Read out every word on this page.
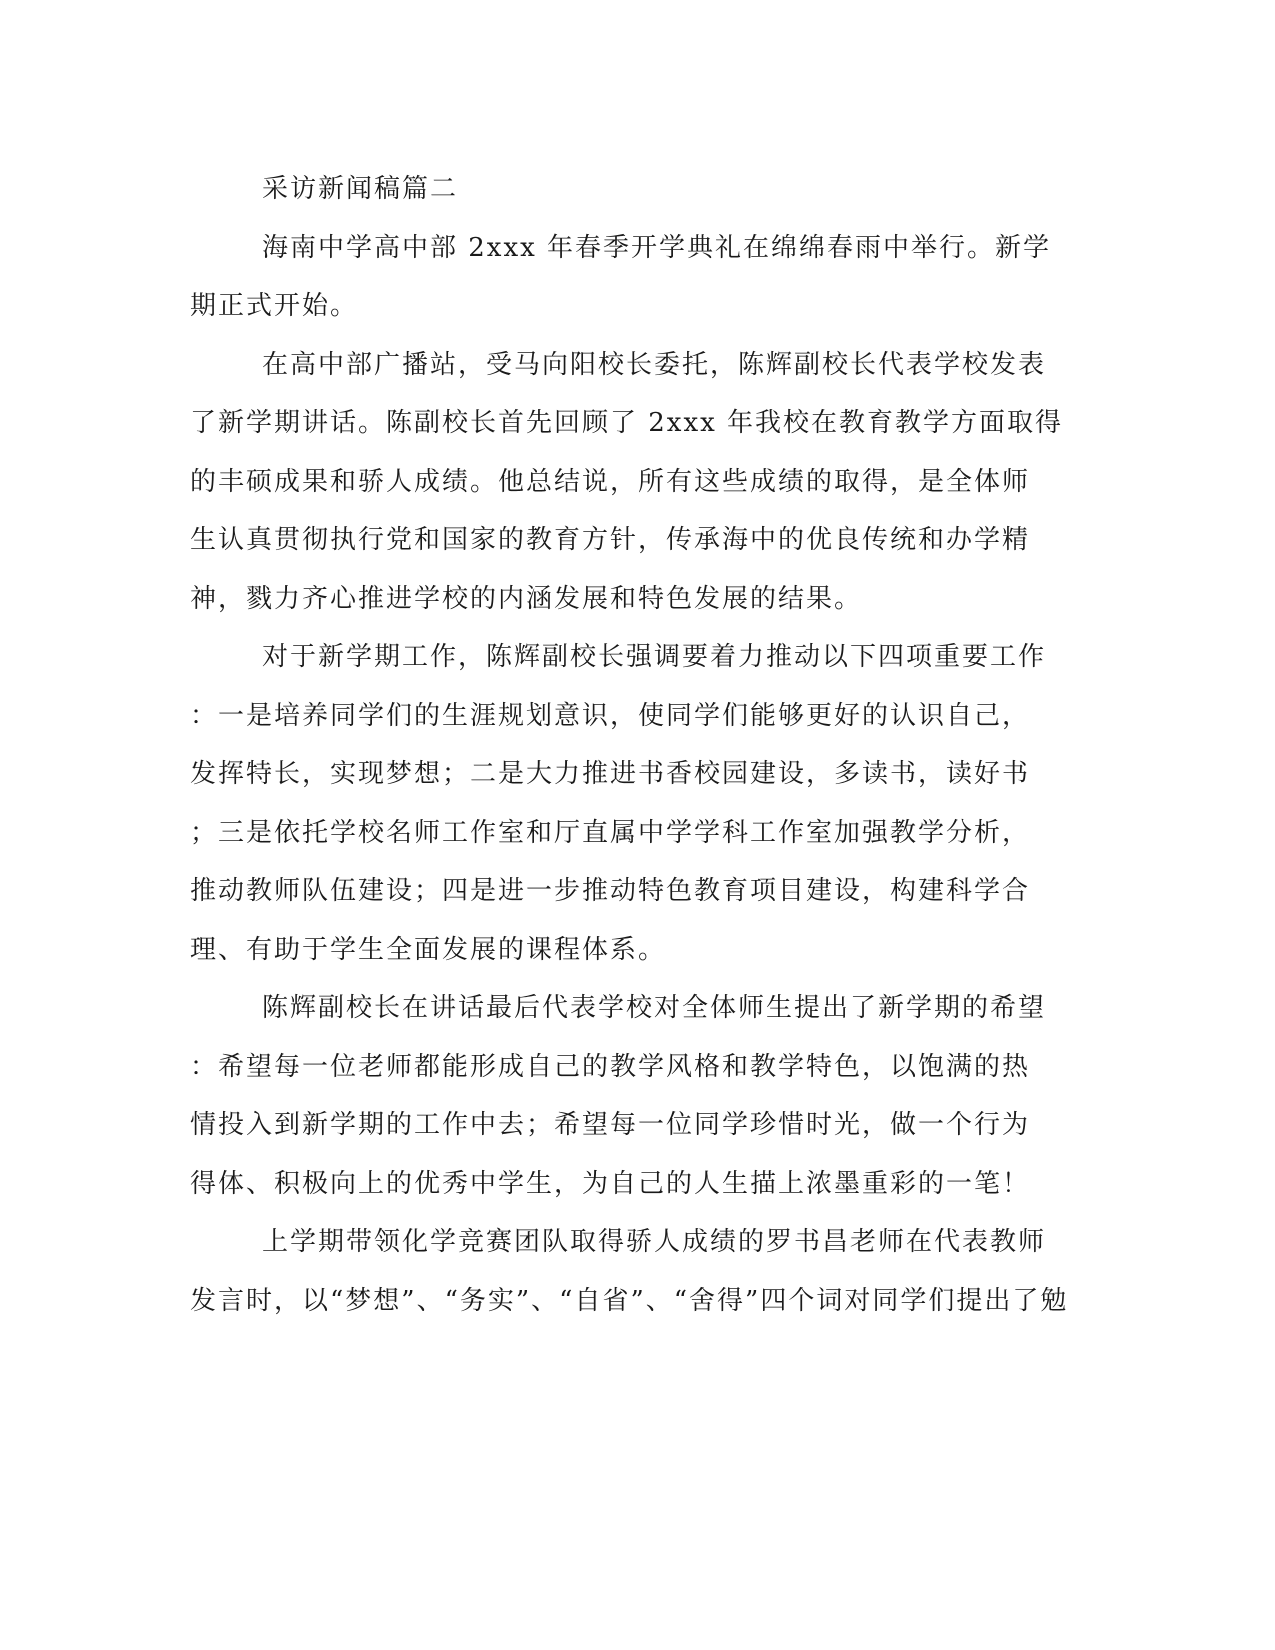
采访新闻稿篇二
海南中学高中部 2xxx 年春季开学典礼在绵绵春雨中举行。新学
期正式开始。
在高中部广播站，受马向阳校长委托，陈辉副校长代表学校发表
了新学期讲话。陈副校长首先回顾了 2xxx 年我校在教育教学方面取得
的丰硕成果和骄人成绩。他总结说，所有这些成绩的取得，是全体师
生认真贯彻执行党和国家的教育方针，传承海中的优良传统和办学精
神，戮力齐心推进学校的内涵发展和特色发展的结果。
对于新学期工作，陈辉副校长强调要着力推动以下四项重要工作
：一是培养同学们的生涯规划意识，使同学们能够更好的认识自己，
发挥特长，实现梦想；二是大力推进书香校园建设，多读书，读好书
；三是依托学校名师工作室和厅直属中学学科工作室加强教学分析，
推动教师队伍建设；四是进一步推动特色教育项目建设，构建科学合
理、有助于学生全面发展的课程体系。
陈辉副校长在讲话最后代表学校对全体师生提出了新学期的希望
：希望每一位老师都能形成自己的教学风格和教学特色，以饱满的热
情投入到新学期的工作中去；希望每一位同学珍惜时光，做一个行为
得体、积极向上的优秀中学生，为自己的人生描上浓墨重彩的一笔！
上学期带领化学竞赛团队取得骄人成绩的罗书昌老师在代表教师
发言时，以“梦想”、“务实”、“自省”、“舍得”四个词对同学们提出了勉
